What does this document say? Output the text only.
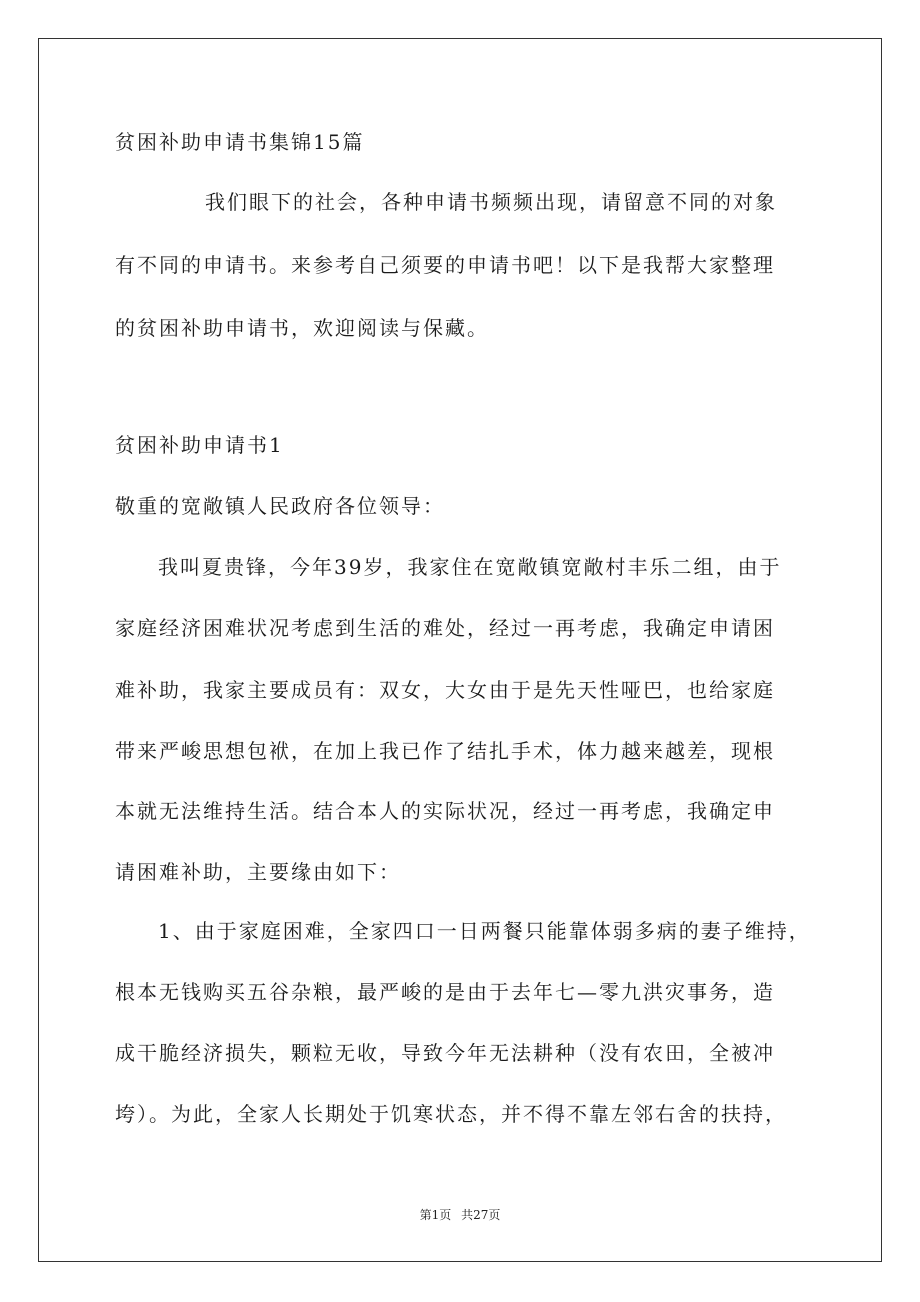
贫困补助申请书集锦15篇
我们眼下的社会，各种申请书频频出现，请留意不同的对象
有不同的申请书。来参考自己须要的申请书吧！以下是我帮大家整理
的贫困补助申请书，欢迎阅读与保藏。
贫困补助申请书1
敬重的宽敞镇人民政府各位领导：
我叫夏贵锋，今年39岁，我家住在宽敞镇宽敞村丰乐二组，由于
家庭经济困难状况考虑到生活的难处，经过一再考虑，我确定申请困
难补助，我家主要成员有：双女，大女由于是先天性哑巴，也给家庭
带来严峻思想包袱，在加上我已作了结扎手术，体力越来越差，现根
本就无法维持生活。结合本人的实际状况，经过一再考虑，我确定申
请困难补助，主要缘由如下：
1、由于家庭困难，全家四口一日两餐只能靠体弱多病的妻子维持，
根本无钱购买五谷杂粮，最严峻的是由于去年七—零九洪灾事务，造
成干脆经济损失，颗粒无收，导致今年无法耕种（没有农田，全被冲
垮）。为此，全家人长期处于饥寒状态，并不得不靠左邻右舍的扶持，
第1页 共27页
